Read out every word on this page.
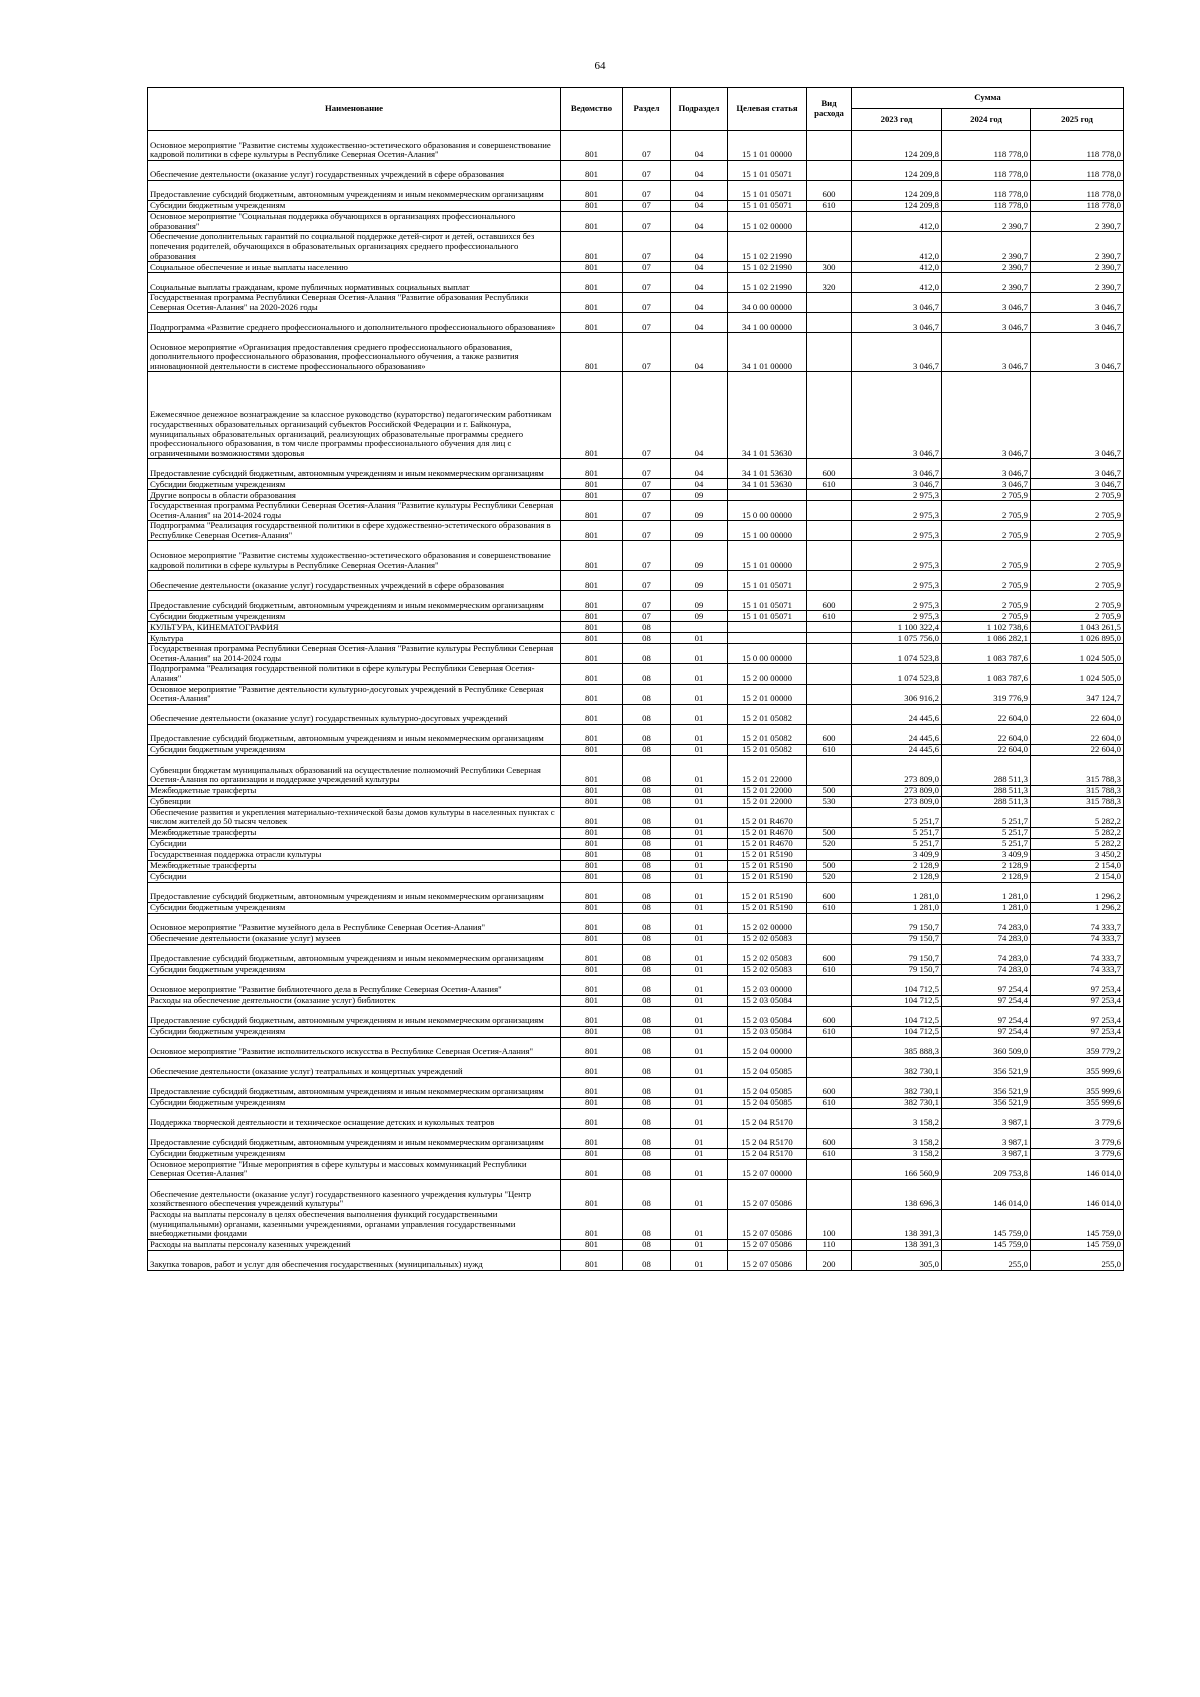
64
Наименование	Ведомство	Раздел	Подраздел	Целевая статья	Вид расхода	Сумма		
						2023 год	2024 год	2025 год
Основное мероприятие "Развитие системы художественно-эстетического образования и совершенствование кадровой политики в сфере культуры в Республике Северная Осетия-Алания"	801	07	04	15 1 01 00000		124 209,8	118 778,0	118 778,0
Обеспечение деятельности (оказание услуг) государственных учреждений в сфере образования	801	07	04	15 1 01 05071		124 209,8	118 778,0	118 778,0
Предоставление субсидий бюджетным, автономным учреждениям и иным некоммерческим организациям	801	07	04	15 1 01 05071	600	124 209,8	118 778,0	118 778,0
Субсидии бюджетным учреждениям	801	07	04	15 1 01 05071	610	124 209,8	118 778,0	118 778,0
Основное мероприятие "Социальная поддержка обучающихся в организациях профессионального образования"	801	07	04	15 1 02 00000		412,0	2 390,7	2 390,7
Обеспечение дополнительных гарантий по социальной поддержке детей-сирот и детей, оставшихся без попечения родителей, обучающихся в образовательных организациях среднего профессионального образования	801	07	04	15 1 02 21990		412,0	2 390,7	2 390,7
Социальное обеспечение и иные выплаты населению	801	07	04	15 1 02 21990	300	412,0	2 390,7	2 390,7
Социальные выплаты гражданам, кроме публичных нормативных социальных выплат	801	07	04	15 1 02 21990	320	412,0	2 390,7	2 390,7
Государственная программа Республики Северная Осетия-Алания "Развитие образования Республики Северная Осетия-Алания" на 2020-2026 годы	801	07	04	34 0 00 00000		3 046,7	3 046,7	3 046,7
Подпрограмма «Развитие среднего профессионального и дополнительного профессионального образования»	801	07	04	34 1 00 00000		3 046,7	3 046,7	3 046,7
Основное мероприятие «Организация предоставления среднего профессионального образования, дополнительного профессионального образования, профессионального обучения, а также развития инновационной деятельности в системе профессионального образования»	801	07	04	34 1 01 00000		3 046,7	3 046,7	3 046,7
Ежемесячное денежное вознаграждение за классное руководство (кураторство) педагогическим работникам государственных образовательных организаций субъектов Российской Федерации и г. Байконура, муниципальных образовательных организаций, реализующих образовательные программы среднего профессионального образования, в том числе программы профессионального обучения для лиц с ограниченными возможностями здоровья	801	07	04	34 1 01 53630		3 046,7	3 046,7	3 046,7
Предоставление субсидий бюджетным, автономным учреждениям и иным некоммерческим организациям	801	07	04	34 1 01 53630	600	3 046,7	3 046,7	3 046,7
Субсидии бюджетным учреждениям	801	07	04	34 1 01 53630	610	3 046,7	3 046,7	3 046,7
Другие вопросы в области образования	801	07	09			2 975,3	2 705,9	2 705,9
Государственная программа Республики Северная Осетия-Алания "Развитие культуры Республики Северная Осетия-Алания" на 2014-2024 годы	801	07	09	15 0 00 00000		2 975,3	2 705,9	2 705,9
Подпрограмма "Реализация государственной политики в сфере художественно-эстетического образования в Республике Северная Осетия-Алания"	801	07	09	15 1 00 00000		2 975,3	2 705,9	2 705,9
Основное мероприятие "Развитие системы художественно-эстетического образования и совершенствование кадровой политики в сфере культуры в Республике Северная Осетия-Алания"	801	07	09	15 1 01 00000		2 975,3	2 705,9	2 705,9
Обеспечение деятельности (оказание услуг) государственных учреждений в сфере образования	801	07	09	15 1 01 05071		2 975,3	2 705,9	2 705,9
Предоставление субсидий бюджетным, автономным учреждениям и иным некоммерческим организациям	801	07	09	15 1 01 05071	600	2 975,3	2 705,9	2 705,9
Субсидии бюджетным учреждениям	801	07	09	15 1 01 05071	610	2 975,3	2 705,9	2 705,9
КУЛЬТУРА, КИНЕМАТОГРАФИЯ	801	08				1 100 322,4	1 102 738,6	1 043 261,5
Культура	801	08	01			1 075 756,0	1 086 282,1	1 026 895,0
Государственная программа Республики Северная Осетия-Алания "Развитие культуры Республики Северная Осетия-Алания" на 2014-2024 годы	801	08	01	15 0 00 00000		1 074 523,8	1 083 787,6	1 024 505,0
Подпрограмма "Реализация государственной политики в сфере культуры Республики Северная Осетия-Алания"	801	08	01	15 2 00 00000		1 074 523,8	1 083 787,6	1 024 505,0
Основное мероприятие "Развитие деятельности культурно-досуговых учреждений в Республике Северная Осетия-Алания"	801	08	01	15 2 01 00000		306 916,2	319 776,9	347 124,7
Обеспечение деятельности (оказание услуг) государственных культурно-досуговых учреждений	801	08	01	15 2 01 05082		24 445,6	22 604,0	22 604,0
Предоставление субсидий бюджетным, автономным учреждениям и иным некоммерческим организациям	801	08	01	15 2 01 05082	600	24 445,6	22 604,0	22 604,0
Субсидии бюджетным учреждениям	801	08	01	15 2 01 05082	610	24 445,6	22 604,0	22 604,0
Субвенции бюджетам муниципальных образований на осуществление полномочий Республики Северная Осетия-Алания по организации и поддержке учреждений культуры	801	08	01	15 2 01 22000		273 809,0	288 511,3	315 788,3
Межбюджетные трансферты	801	08	01	15 2 01 22000	500	273 809,0	288 511,3	315 788,3
Субвенции	801	08	01	15 2 01 22000	530	273 809,0	288 511,3	315 788,3
Обеспечение развития и укрепления материально-технической базы домов культуры в населенных пунктах с числом жителей до 50 тысяч человек	801	08	01	15 2 01 R4670		5 251,7	5 251,7	5 282,2
Межбюджетные трансферты	801	08	01	15 2 01 R4670	500	5 251,7	5 251,7	5 282,2
Субсидии	801	08	01	15 2 01 R4670	520	5 251,7	5 251,7	5 282,2
Государственная поддержка отрасли культуры	801	08	01	15 2 01 R5190		3 409,9	3 409,9	3 450,2
Межбюджетные трансферты	801	08	01	15 2 01 R5190	500	2 128,9	2 128,9	2 154,0
Субсидии	801	08	01	15 2 01 R5190	520	2 128,9	2 128,9	2 154,0
Предоставление субсидий бюджетным, автономным учреждениям и иным некоммерческим организациям	801	08	01	15 2 01 R5190	600	1 281,0	1 281,0	1 296,2
Субсидии бюджетным учреждениям	801	08	01	15 2 01 R5190	610	1 281,0	1 281,0	1 296,2
Основное мероприятие "Развитие музейного дела в Республике Северная Осетия-Алания"	801	08	01	15 2 02 00000		79 150,7	74 283,0	74 333,7
Обеспечение деятельности (оказание услуг) музеев	801	08	01	15 2 02 05083		79 150,7	74 283,0	74 333,7
Предоставление субсидий бюджетным, автономным учреждениям и иным некоммерческим организациям	801	08	01	15 2 02 05083	600	79 150,7	74 283,0	74 333,7
Субсидии бюджетным учреждениям	801	08	01	15 2 02 05083	610	79 150,7	74 283,0	74 333,7
Основное мероприятие "Развитие библиотечного дела в Республике Северная Осетия-Алания"	801	08	01	15 2 03 00000		104 712,5	97 254,4	97 253,4
Расходы на обеспечение деятельности (оказание услуг) библиотек	801	08	01	15 2 03 05084		104 712,5	97 254,4	97 253,4
Предоставление субсидий бюджетным, автономным учреждениям и иным некоммерческим организациям	801	08	01	15 2 03 05084	600	104 712,5	97 254,4	97 253,4
Субсидии бюджетным учреждениям	801	08	01	15 2 03 05084	610	104 712,5	97 254,4	97 253,4
Основное мероприятие "Развитие исполнительского искусства в Республике Северная Осетия-Алания"	801	08	01	15 2 04 00000		385 888,3	360 509,0	359 779,2
Обеспечение деятельности (оказание услуг) театральных и концертных учреждений	801	08	01	15 2 04 05085		382 730,1	356 521,9	355 999,6
Предоставление субсидий бюджетным, автономным учреждениям и иным некоммерческим организациям	801	08	01	15 2 04 05085	600	382 730,1	356 521,9	355 999,6
Субсидии бюджетным учреждениям	801	08	01	15 2 04 05085	610	382 730,1	356 521,9	355 999,6
Поддержка творческой деятельности и техническое оснащение детских и кукольных театров	801	08	01	15 2 04 R5170		3 158,2	3 987,1	3 779,6
Предоставление субсидий бюджетным, автономным учреждениям и иным некоммерческим организациям	801	08	01	15 2 04 R5170	600	3 158,2	3 987,1	3 779,6
Субсидии бюджетным учреждениям	801	08	01	15 2 04 R5170	610	3 158,2	3 987,1	3 779,6
Основное мероприятие "Иные мероприятия в сфере культуры и массовых коммуникаций Республики Северная Осетия-Алания"	801	08	01	15 2 07 00000		166 560,9	209 753,8	146 014,0
Обеспечение деятельности (оказание услуг) государственного казенного учреждения культуры "Центр хозяйственного обеспечения учреждений культуры"	801	08	01	15 2 07 05086		138 696,3	146 014,0	146 014,0
Расходы на выплаты персоналу в целях обеспечения выполнения функций государственными (муниципальными) органами, казенными учреждениями, органами управления государственными внебюджетными фондами	801	08	01	15 2 07 05086	100	138 391,3	145 759,0	145 759,0
Расходы на выплаты персоналу казенных учреждений	801	08	01	15 2 07 05086	110	138 391,3	145 759,0	145 759,0
Закупка товаров, работ и услуг для обеспечения государственных (муниципальных) нужд	801	08	01	15 2 07 05086	200	305,0	255,0	255,0
